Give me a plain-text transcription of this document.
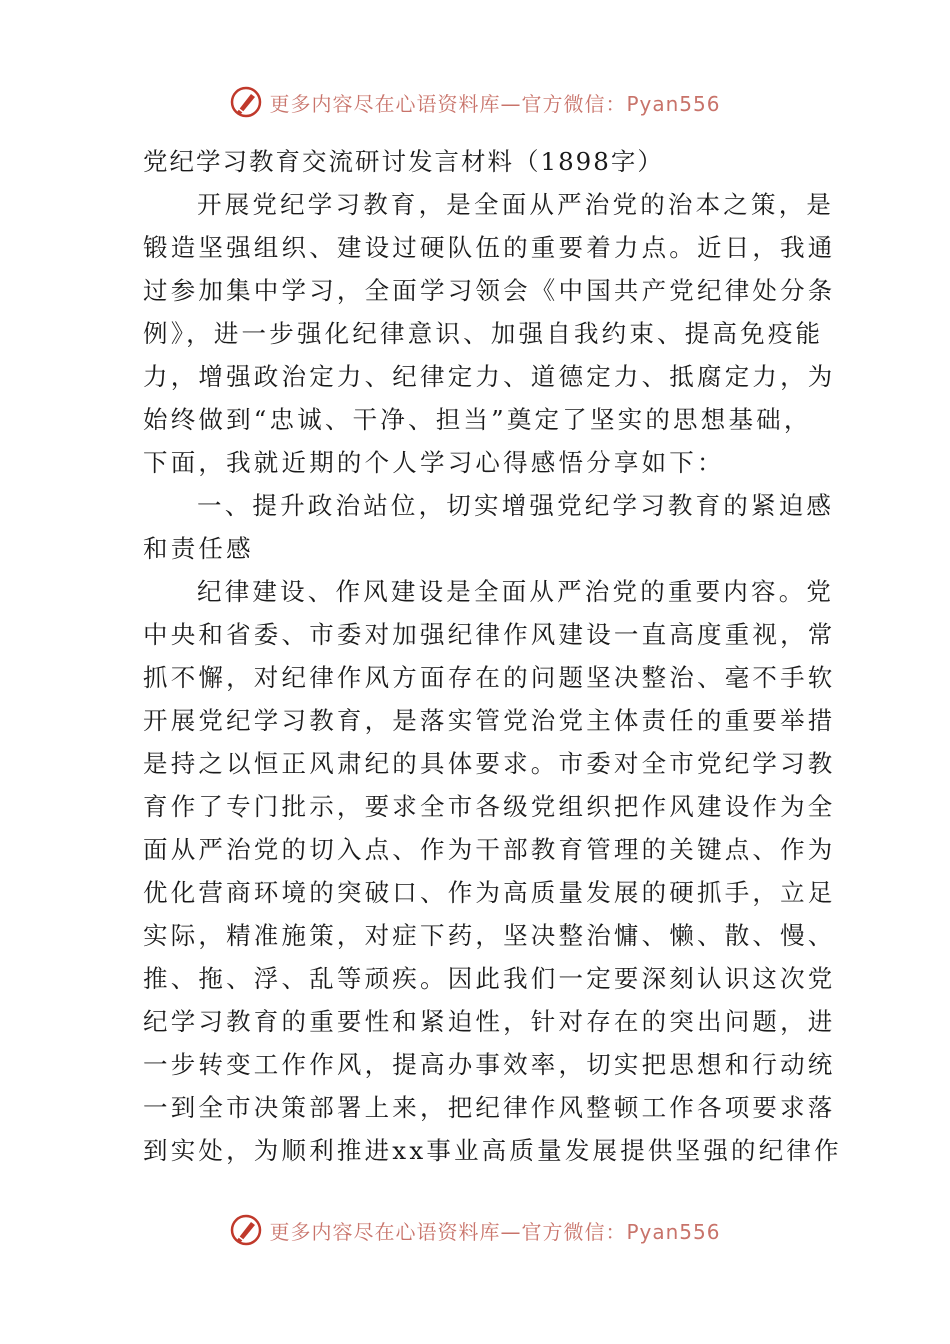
更多内容尽在心语资料库—官方微信：Pyan556
党纪学习教育交流研讨发言材料（1898字）
开展党纪学习教育，是全面从严治党的治本之策，是
锻造坚强组织、建设过硬队伍的重要着力点。近日，我通
过参加集中学习，全面学习领会《中国共产党纪律处分条
例》，进一步强化纪律意识、加强自我约束、提高免疫能
力，增强政治定力、纪律定力、道德定力、抵腐定力，为
始终做到“忠诚、干净、担当”奠定了坚实的思想基础，
下面，我就近期的个人学习心得感悟分享如下：
一、提升政治站位，切实增强党纪学习教育的紧迫感
和责任感
纪律建设、作风建设是全面从严治党的重要内容。党
中央和省委、市委对加强纪律作风建设一直高度重视，常
抓不懈，对纪律作风方面存在的问题坚决整治、毫不手软
开展党纪学习教育，是落实管党治党主体责任的重要举措
是持之以恒正风肃纪的具体要求。市委对全市党纪学习教
育作了专门批示，要求全市各级党组织把作风建设作为全
面从严治党的切入点、作为干部教育管理的关键点、作为
优化营商环境的突破口、作为高质量发展的硬抓手，立足
实际，精准施策，对症下药，坚决整治慵、懒、散、慢、
推、拖、浮、乱等顽疾。因此我们一定要深刻认识这次党
纪学习教育的重要性和紧迫性，针对存在的突出问题，进
一步转变工作作风，提高办事效率，切实把思想和行动统
一到全市决策部署上来，把纪律作风整顿工作各项要求落
到实处，为顺利推进xx事业高质量发展提供坚强的纪律作
更多内容尽在心语资料库—官方微信：Pyan556
